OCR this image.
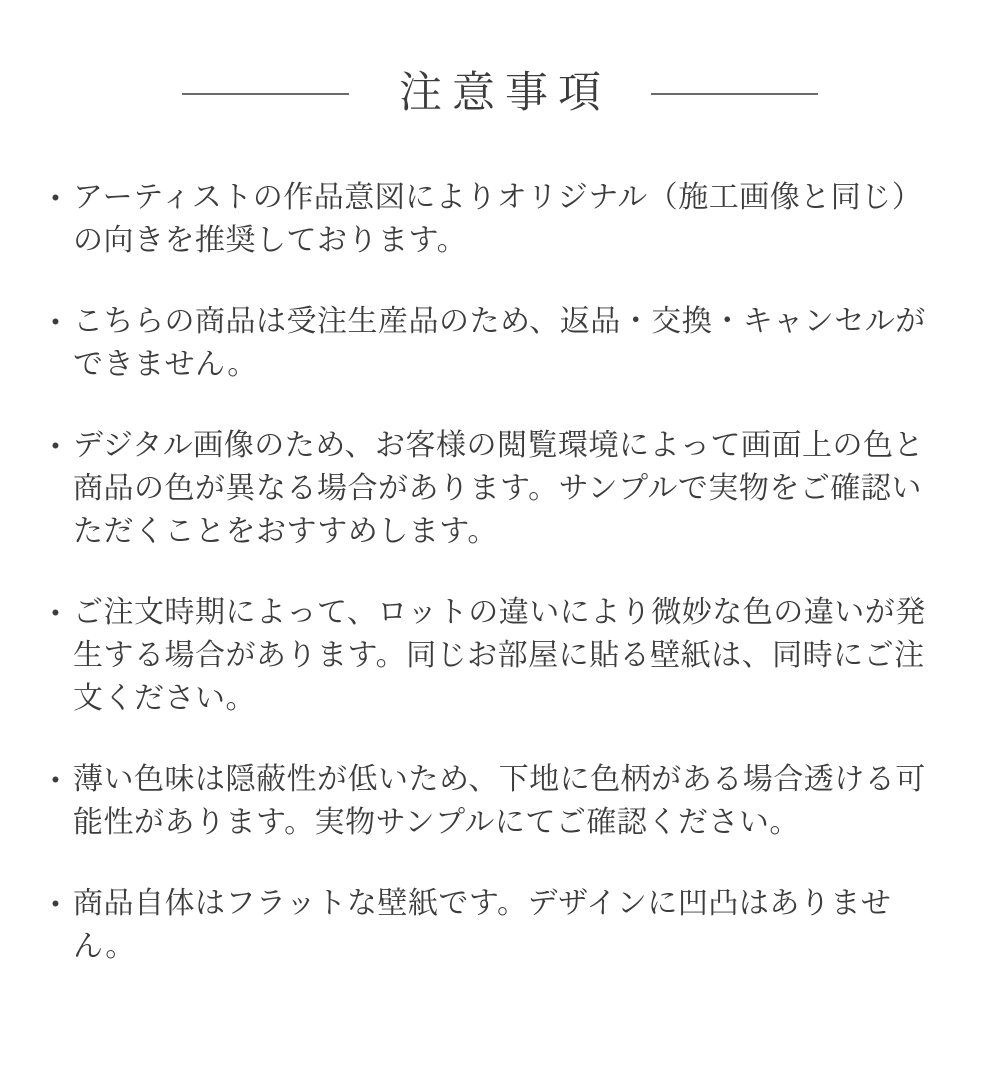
注意事項
• アーティストの作品意図によりオリジナル（施工画像と同じ）の向きを推奨しております。
• こちらの商品は受注生産品のため、返品・交換・キャンセルができません。
• デジタル画像のため、お客様の閲覧環境によって画面上の色と商品の色が異なる場合があります。サンプルで実物をご確認いただくことをおすすめします。
• ご注文時期によって、ロットの違いにより微妙な色の違いが発生する場合があります。同じお部屋に貼る壁紙は、同時にご注文ください。
• 薄い色味は隠蔽性が低いため、下地に色柄がある場合透ける可能性があります。実物サンプルにてご確認ください。
• 商品自体はフラットな壁紙です。デザインに凹凸はありません。
